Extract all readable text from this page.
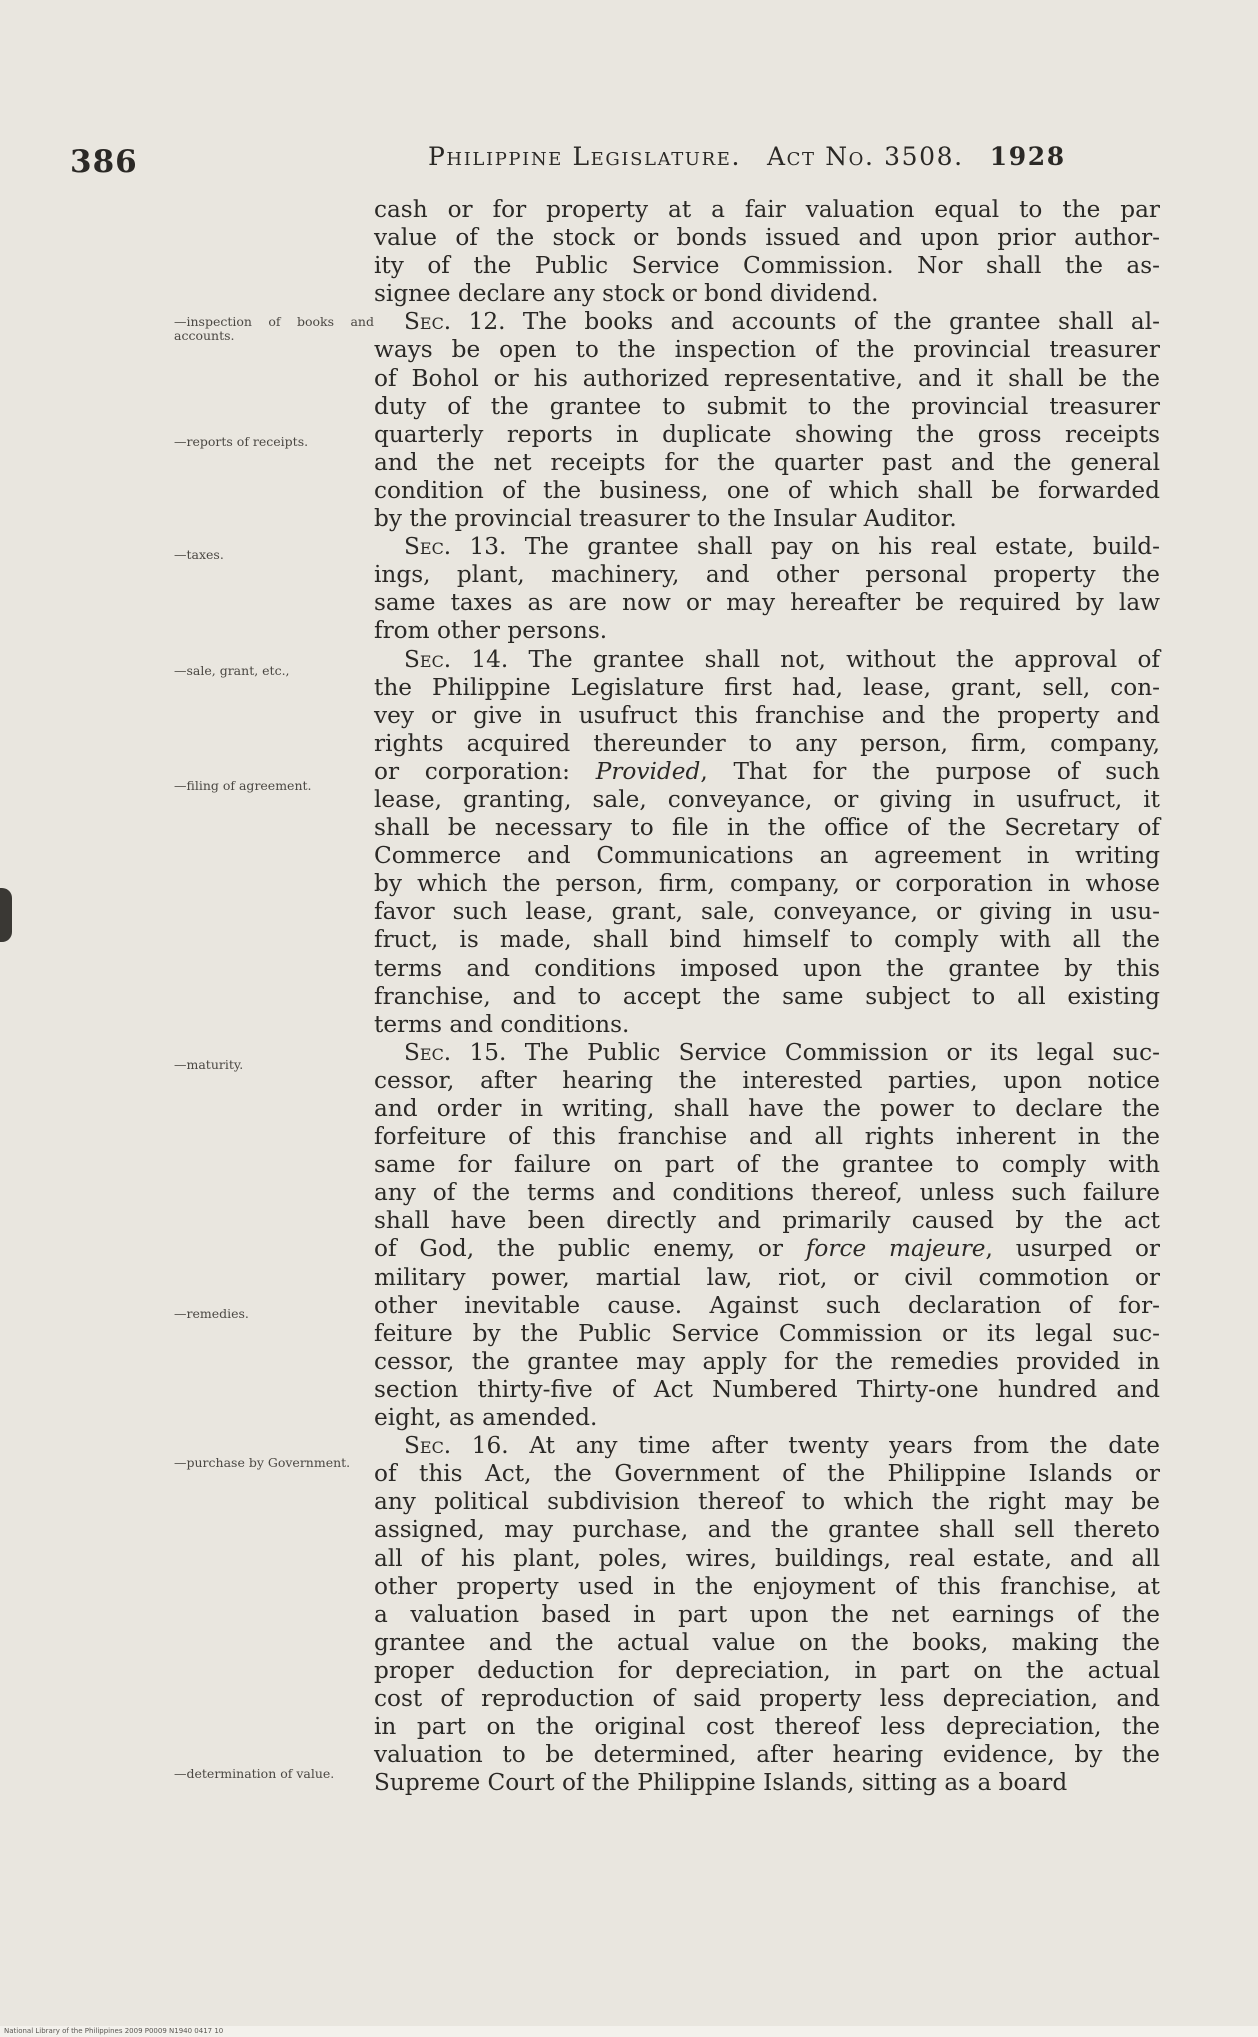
386	Philippine Legislature. Act No. 3508. 1928
—inspection of books and accounts.
—reports of receipts.
—taxes.
—sale, grant, etc.,
—filing of agreement.
—maturity.
—remedies.
—purchase by Government.
—determination of value.

cash or for property at a fair valuation equal to the par

value of the stock or bonds issued and upon prior author-

ity of the Public Service Commission. Nor shall the as-

signee declare any stock or bond dividend.

Sec. 12. The books and accounts of the grantee shall al-

ways be open to the inspection of the provincial treasurer

of Bohol or his authorized representative, and it shall be the

duty of the grantee to submit to the provincial treasurer

quarterly reports in duplicate showing the gross receipts

and the net receipts for the quarter past and the general

condition of the business, one of which shall be forwarded

by the provincial treasurer to the Insular Auditor.

Sec. 13. The grantee shall pay on his real estate, build-

ings, plant, machinery, and other personal property the

same taxes as are now or may hereafter be required by law

from other persons.

Sec. 14. The grantee shall not, without the approval of

the Philippine Legislature first had, lease, grant, sell, con-

vey or give in usufruct this franchise and the property and

rights acquired thereunder to any person, firm, company,

or corporation: Provided, That for the purpose of such

lease, granting, sale, conveyance, or giving in usufruct, it

shall be necessary to file in the office of the Secretary of

Commerce and Communications an agreement in writing

by which the person, firm, company, or corporation in whose

favor such lease, grant, sale, conveyance, or giving in usu-

fruct, is made, shall bind himself to comply with all the

terms and conditions imposed upon the grantee by this

franchise, and to accept the same subject to all existing

terms and conditions.

Sec. 15. The Public Service Commission or its legal suc-

cessor, after hearing the interested parties, upon notice

and order in writing, shall have the power to declare the

forfeiture of this franchise and all rights inherent in the

same for failure on part of the grantee to comply with

any of the terms and conditions thereof, unless such failure

shall have been directly and primarily caused by the act

of God, the public enemy, or force majeure, usurped or

military power, martial law, riot, or civil commotion or

other inevitable cause. Against such declaration of for-

feiture by the Public Service Commission or its legal suc-

cessor, the grantee may apply for the remedies provided in

section thirty-five of Act Numbered Thirty-one hundred and

eight, as amended.

Sec. 16. At any time after twenty years from the date

of this Act, the Government of the Philippine Islands or

any political subdivision thereof to which the right may be

assigned, may purchase, and the grantee shall sell thereto

all of his plant, poles, wires, buildings, real estate, and all

other property used in the enjoyment of this franchise, at

a valuation based in part upon the net earnings of the

grantee and the actual value on the books, making the

proper deduction for depreciation, in part on the actual

cost of reproduction of said property less depreciation, and

in part on the original cost thereof less depreciation, the

valuation to be determined, after hearing evidence, by the

Supreme Court of the Philippine Islands, sitting as a board

National Library of the Philippines 2009 P0009 N1940 0417 10
